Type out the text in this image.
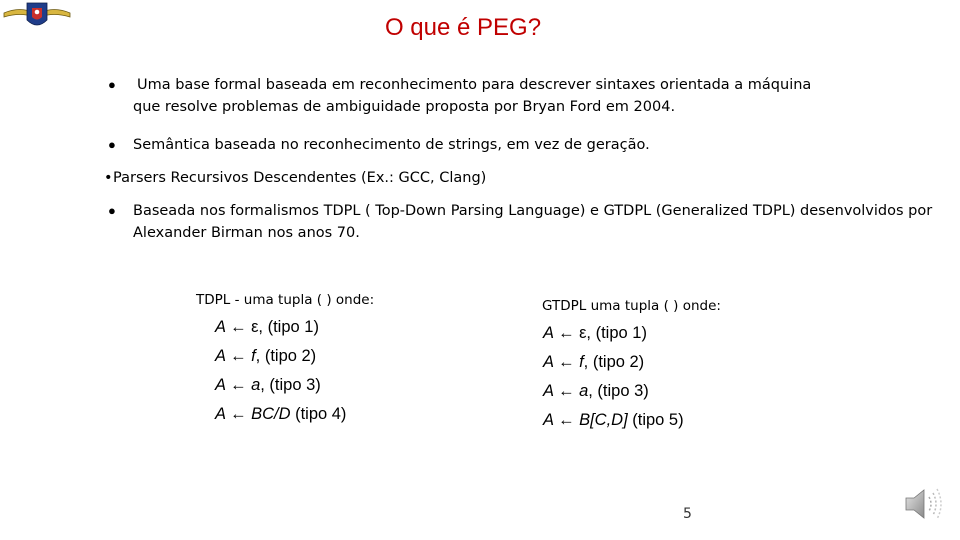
O que é PEG?
● Uma base formal baseada em reconhecimento para descrever sintaxes orientada a máquina
que resolve problemas de ambiguidade proposta por Bryan Ford em 2004.
● Semântica baseada no reconhecimento de strings, em vez de geração.
• Parsers Recursivos Descendentes (Ex.: GCC, Clang)
● Baseada nos formalismos TDPL ( Top-Down Parsing Language) e GTDPL (Generalized TDPL) desenvolvidos por
Alexander Birman nos anos 70.
TDPL - uma tupla ( ) onde:
A ← ε, (tipo 1)
A ← f, (tipo 2)
A ← a, (tipo 3)
A ← BC/D (tipo 4)
GTDPL uma tupla ( ) onde:
A ← ε, (tipo 1)
A ← f, (tipo 2)
A ← a, (tipo 3)
A ← B[C,D] (tipo 5)
5
